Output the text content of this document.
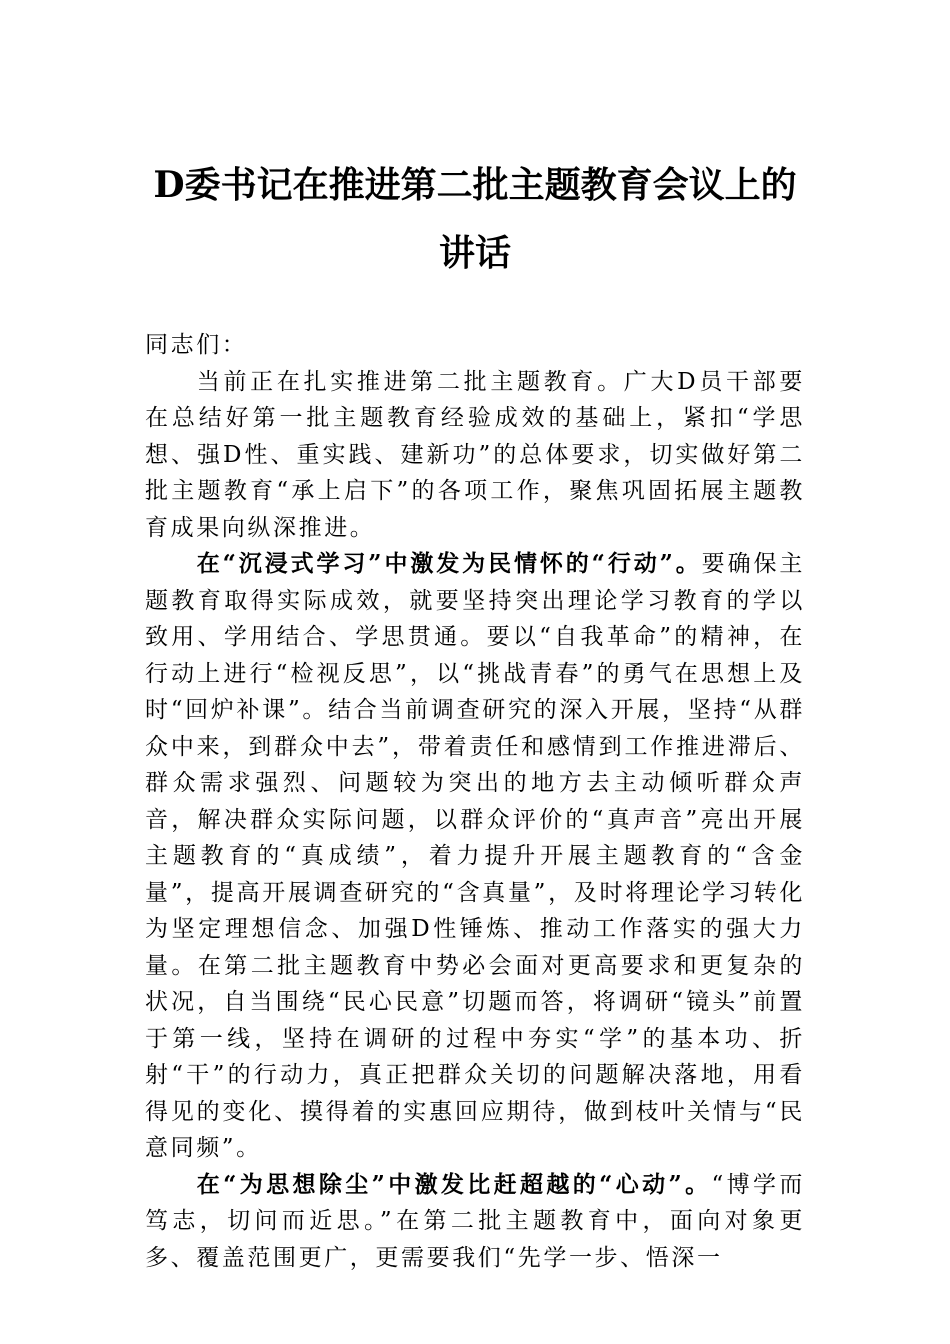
D委书记在推进第二批主题教育会议上的
讲话

同志们：

当前正在扎实推进第二批主题教育。广大D员干部要在总结好第一批主题教育经验成效的基础上，紧扣“学思想、强D性、重实践、建新功”的总体要求，切实做好第二批主题教育“承上启下”的各项工作，聚焦巩固拓展主题教育成果向纵深推进。

在“沉浸式学习”中激发为民情怀的“行动”。要确保主题教育取得实际成效，就要坚持突出理论学习教育的学以致用、学用结合、学思贯通。要以“自我革命”的精神，在行动上进行“检视反思”，以“挑战青春”的勇气在思想上及时“回炉补课”。结合当前调查研究的深入开展，坚持“从群众中来，到群众中去”，带着责任和感情到工作推进滞后、群众需求强烈、问题较为突出的地方去主动倾听群众声音，解决群众实际问题，以群众评价的“真声音”亮出开展主题教育的“真成绩”，着力提升开展主题教育的“含金量”，提高开展调查研究的“含真量”，及时将理论学习转化为坚定理想信念、加强D性锤炼、推动工作落实的强大力量。在第二批主题教育中势必会面对更高要求和更复杂的状况，自当围绕“民心民意”切题而答，将调研“镜头”前置于第一线，坚持在调研的过程中夯实“学”的基本功、折射“干”的行动力，真正把群众关切的问题解决落地，用看得见的变化、摸得着的实惠回应期待，做到枝叶关情与“民意同频”。

在“为思想除尘”中激发比赶超越的“心动”。“博学而笃志，切问而近思。”在第二批主题教育中，面向对象更多、覆盖范围更广，更需要我们“先学一步、悟深一
